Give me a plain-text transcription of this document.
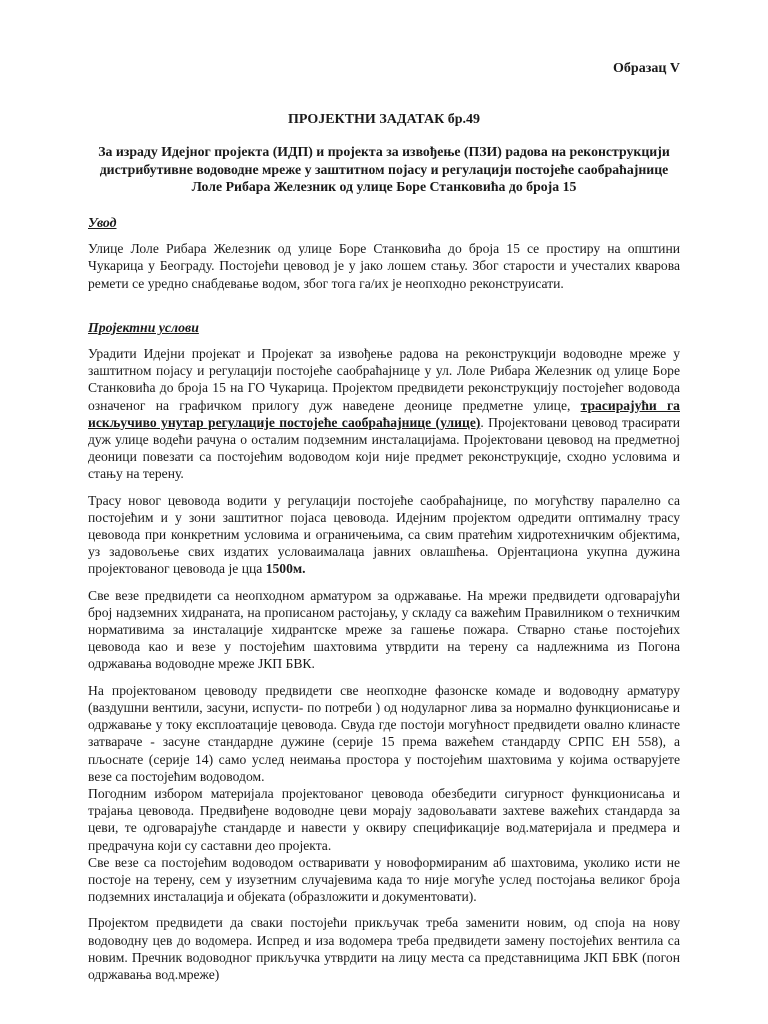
Образац V
ПРОЈЕКТНИ ЗАДАТАК бр.49
За израду Идејног пројекта (ИДП) и пројекта за извођење (ПЗИ) радова на реконструкцији дистрибутивне водоводне мреже у заштитном појасу и регулацији постојеће саобраћајнице Лоле Рибара Железник од улице Боре Станковића до броја 15
Увод

Улице Лоле Рибара Железник од улице Боре Станковића до броја 15 се простиру на општини Чукарица у Београду. Постојећи цевовод је у јако лошем стању. Због старости и учесталих кварова ремети се уредно снабдевање водом, због тога га/их је неопходно реконструисати.

Пројектни услови

Урадити Идејни пројекат и Пројекат за извођење радова на реконструкцији водоводне мреже у заштитном појасу и регулацији постојеће саобраћајнице у ул. Лоле Рибара Железник од улице Боре Станковића до броја 15 на ГО Чукарица. Пројектом предвидети реконструкцију постојећег водовода означеног на графичком прилогу дуж наведене деонице предметне улице, трасирајући га искључиво унутар регулације постојеће саобраћајнице (улице). Пројектовани цевовод трасирати дуж улице водећи рачуна о осталим подземним инсталацијама. Пројектовани цевовод на предметној деоници повезати са постојећим водоводом који није предмет реконструкције, сходно условима и стању на терену.

Трасу новог цевовода водити у регулацији постојеће саобраћајнице, по могућству паралелно са постојећим и у зони заштитног појаса цевовода. Идејним пројектом одредити оптималну трасу цевовода при конкретним условима и ограничењима, са свим пратећим хидротехничким објектима, уз задовољење свих издатих условаималаца јавних овлашћења. Орјентациона укупна дужина пројектованог цевовода је цца 1500м.

Све везе предвидети са неопходном арматуром за одржавање. На мрежи предвидети одговарајући број надземних хидраната, на прописаном растојању, у складу са важећим Правилником о техничким нормативима за инсталације хидрантске мреже за гашење пожара. Стварно стање постојећих цевовода као и везе у постојећим шахтовима утврдити на терену са надлежнима из Погона одржавања водоводне мреже ЈКП БВК.

На пројектованом цевоводу предвидети све неопходне фазонске комаде и водоводну арматуру (ваздушни вентили, засуни, испусти- по потреби ) од нодуларног лива за нормално функционисање и одржавање у току експлоатације цевовода. Свуда где постоји могућност предвидети овално клинасте затвараче - засуне стандардне дужине (серије 15 према важећем стандарду СРПС ЕН 558), а пљоснате (серије 14) само услед неимања простора у постојећим шахтовима у којима остварујете везе са постојећим водоводом.

Погодним избором материјала пројектованог цевовода обезбедити сигурност функционисања и трајања цевовода. Предвиђене водоводне цеви морају задовољавати захтеве важећих стандарда за цеви, те одговарајуће стандарде и навести у оквиру спецификације вод.материјала и предмера и предрачуна који су саставни део пројекта.

Све везе са постојећим водоводом остваривати у новоформираним аб шахтовима, уколико исти не постоје на терену, сем у изузетним случајевима када то није могуће услед постојања великог броја подземних инсталација и објеката (образложити и документовати).

Пројектом предвидети да сваки постојећи прикључак треба заменити новим, од споја на нову водоводну цев до водомера. Испред и иза водомера треба предвидети замену постојећих вентила са новим. Пречник водоводног прикључка утврдити на лицу места са представницима ЈКП БВК (погон одржавања вод.мреже)
